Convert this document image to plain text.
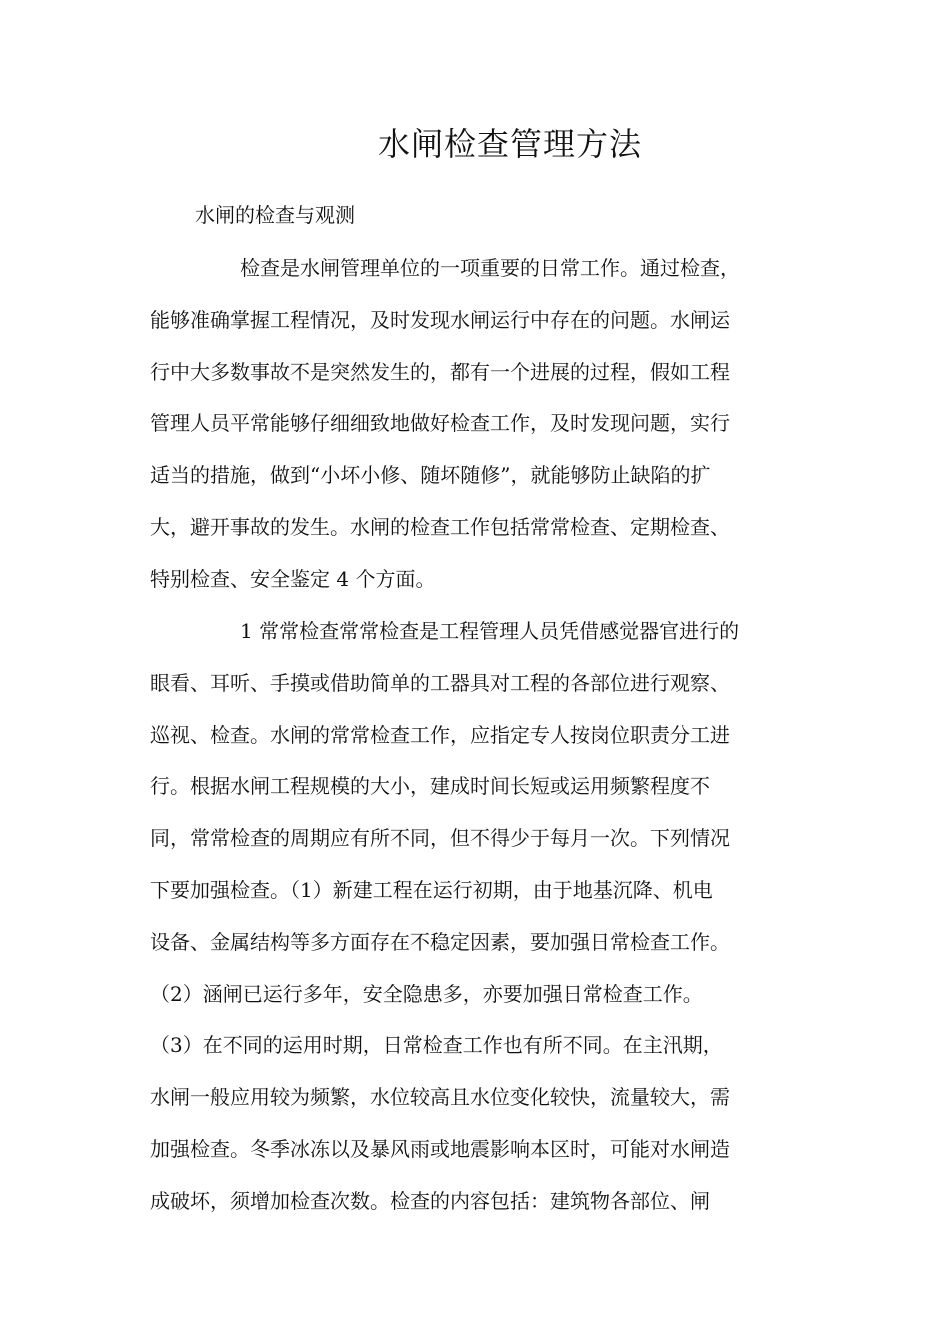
水闸检查管理方法
水闸的检查与观测
检查是水闸管理单位的一项重要的日常工作。通过检查，
能够准确掌握工程情况，及时发现水闸运行中存在的问题。水闸运
行中大多数事故不是突然发生的，都有一个进展的过程，假如工程
管理人员平常能够仔细细致地做好检查工作，及时发现问题，实行
适当的措施，做到“小坏小修、随坏随修”，就能够防止缺陷的扩
大，避开事故的发生。水闸的检查工作包括常常检查、定期检查、
特别检查、安全鉴定 4 个方面。
1 常常检查常常检查是工程管理人员凭借感觉器官进行的
眼看、耳听、手摸或借助简单的工器具对工程的各部位进行观察、
巡视、检查。水闸的常常检查工作，应指定专人按岗位职责分工进
行。根据水闸工程规模的大小，建成时间长短或运用频繁程度不
同，常常检查的周期应有所不同，但不得少于每月一次。下列情况
下要加强检查。（1）新建工程在运行初期，由于地基沉降、机电
设备、金属结构等多方面存在不稳定因素，要加强日常检查工作。
（2）涵闸已运行多年，安全隐患多，亦要加强日常检查工作。
（3）在不同的运用时期，日常检查工作也有所不同。在主汛期，
水闸一般应用较为频繁，水位较高且水位变化较快，流量较大，需
加强检查。冬季冰冻以及暴风雨或地震影响本区时，可能对水闸造
成破坏，须增加检查次数。检查的内容包括：建筑物各部位、闸
